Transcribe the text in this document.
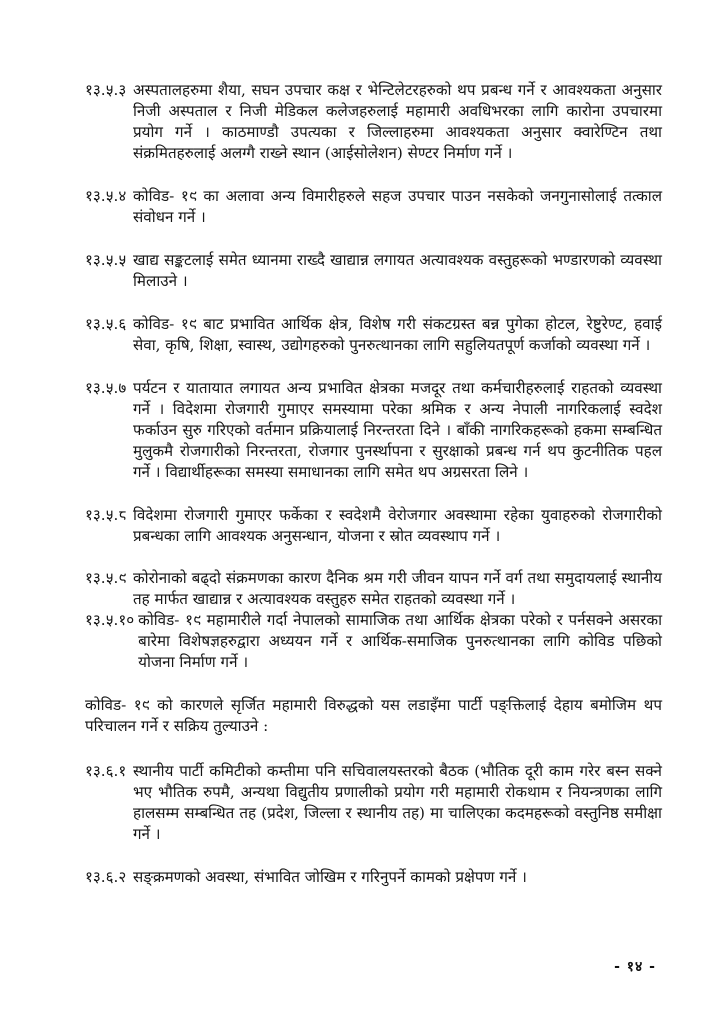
१३.५.३ अस्पतालहरुमा शैया, सघन उपचार कक्ष र भेन्टिलेटरहरुको थप प्रबन्ध गर्ने र आवश्यकता अनुसार निजी अस्पताल र निजी मेडिकल कलेजहरुलाई महामारी अवधिभरका लागि कारोना उपचारमा प्रयोग गर्ने । काठमाण्डौ उपत्यका र जिल्लाहरुमा आवश्यकता अनुसार क्वारेण्टिन तथा संक्रमितहरुलाई अलग्गै राख्ने स्थान (आईसोलेशन) सेण्टर निर्माण गर्ने ।
१३.५.४ कोविड- १९ का अलावा अन्य विमारीहरुले सहज उपचार पाउन नसकेको जनगुनासोलाई तत्काल संवोधन गर्ने ।
१३.५.५ खाद्य सङ्कटलाई समेत ध्यानमा राख्दै खाद्यान्न लगायत अत्यावश्यक वस्तुहरूको भण्डारणको व्यवस्था मिलाउने ।
१३.५.६ कोविड- १९ बाट प्रभावित आर्थिक क्षेत्र, विशेष गरी संकटग्रस्त बन्न पुगेका होटल, रेष्टुरेण्ट, हवाई सेवा, कृषि, शिक्षा, स्वास्थ, उद्योगहरुको पुनरुत्थानका लागि सहुलियतपूर्ण कर्जाको व्यवस्था गर्ने ।
१३.५.७ पर्यटन र यातायात लगायत अन्य प्रभावित क्षेत्रका मजदूर तथा कर्मचारीहरुलाई राहतको व्यवस्था गर्ने । विदेशमा रोजगारी गुमाएर समस्यामा परेका श्रमिक र अन्य नेपाली नागरिकलाई स्वदेश फर्काउन सुरु गरिएको वर्तमान प्रक्रियालाई निरन्तरता दिने । बाँकी नागरिकहरूको हकमा सम्बन्धित मुलुकमै रोजगारीको निरन्तरता, रोजगार पुनर्स्थापना र सुरक्षाको प्रबन्ध गर्न थप कुटनीतिक पहल गर्ने । विद्यार्थीहरूका समस्या समाधानका लागि समेत थप अग्रसरता लिने ।
१३.५.८ विदेशमा रोजगारी गुमाएर फर्केका र स्वदेशमै वेरोजगार अवस्थामा रहेका युवाहरुको रोजगारीको प्रबन्धका लागि आवश्यक अनुसन्धान, योजना र स्रोत व्यवस्थाप गर्ने ।
१३.५.९ कोरोनाको बढ्दो संक्रमणका कारण दैनिक श्रम गरी जीवन यापन गर्ने वर्ग तथा समुदायलाई स्थानीय तह मार्फत खाद्यान्न र अत्यावश्यक वस्तुहरु समेत राहतको व्यवस्था गर्ने ।
१३.५.१० कोविड- १९ महामारीले गर्दा नेपालको सामाजिक तथा आर्थिक क्षेत्रका परेको र पर्नसक्ने असरका बारेमा विशेषज्ञहरुद्वारा अध्ययन गर्ने र आर्थिक-समाजिक पुनरुत्थानका लागि कोविड पछिको योजना निर्माण गर्ने ।

कोविड- १९ को कारणले सृर्जित महामारी विरुद्धको यस लडाइँमा पार्टी पङ्क्तिलाई देहाय बमोजिम थप परिचालन गर्ने र सक्रिय तुल्याउने :

१३.६.१ स्थानीय पार्टी कमिटीको कम्तीमा पनि सचिवालयस्तरको बैठक (भौतिक दूरी काम गरेर बस्न सक्ने भए भौतिक रुपमै, अन्यथा विद्युतीय प्रणालीको प्रयोग गरी महामारी रोकथाम र नियन्त्रणका लागि हालसम्म सम्बन्धित तह (प्रदेश, जिल्ला र स्थानीय तह) मा चालिएका कदमहरूको वस्तुनिष्ठ समीक्षा गर्ने ।
१३.६.२ सङ्क्रमणको अवस्था, संभावित जोखिम र गरिनुपर्ने कामको प्रक्षेपण गर्ने ।
- १४ -
